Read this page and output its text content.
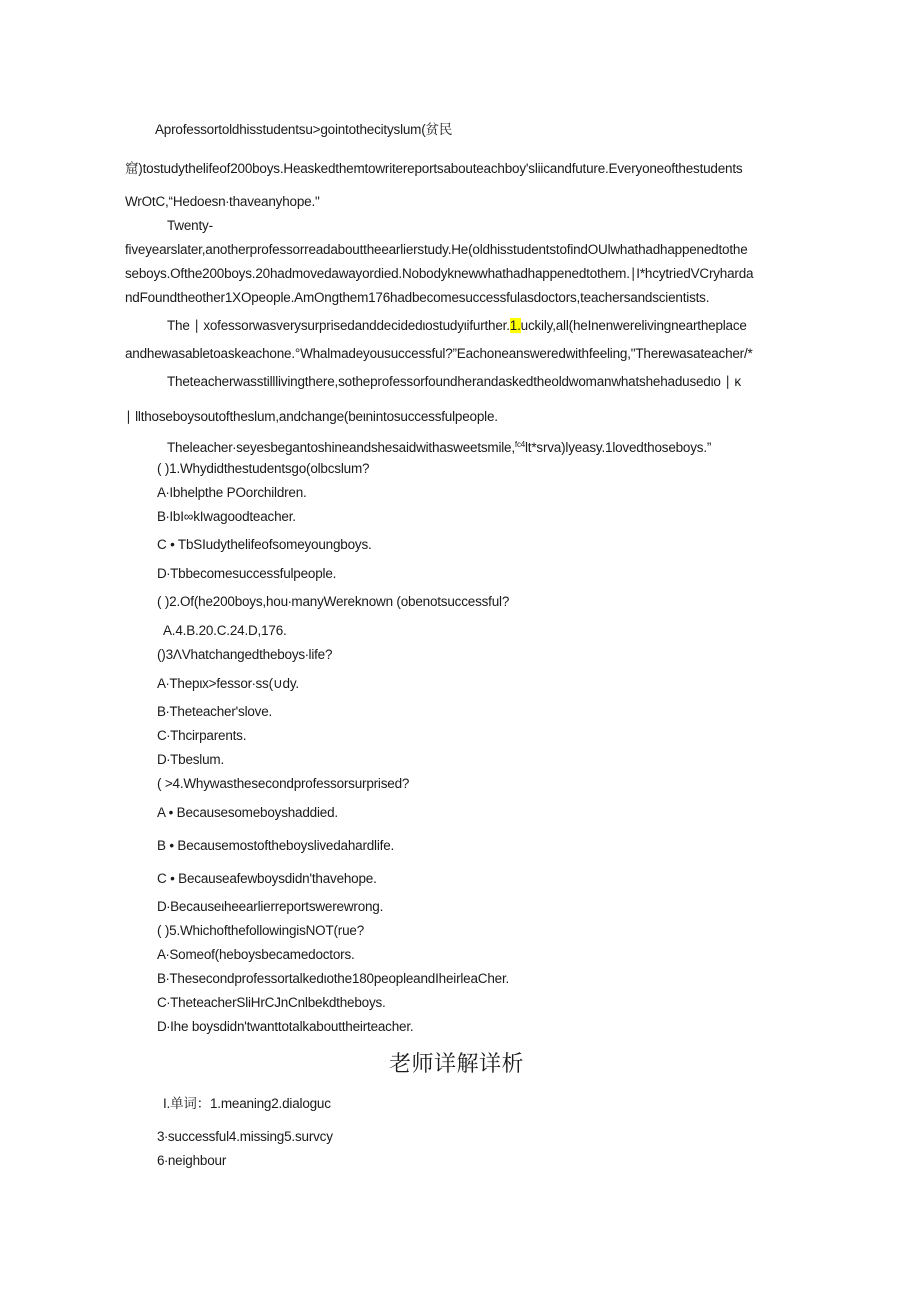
Aprofessortoldhisstudentsu>gointothecityslum(贫民
窟)tostudythelifeof200boys.Heaskedthemtowritereportsaboutеachboy'sliicandfuture.Everyoneofthestudents
WrOtC,“Hedoesn∙thaveanyhope."
Twenty-
fiveyearslater,anotherprofessorreadabouttheearlierstudy.He(oldhisstudentstofindOUlwhathadhappenedtothe
seboys.Ofthe200boys.20hadmovedawayordied.Nobodyknewwhathadhappenedtothem.∣I*hcytriedVCryharda
ndFoundtheother1XOpeople.AmOngthem176hadbecomesuccessfulasdoctors,teachersandscientists.
The ∣ xofessorwasverysurprisedanddecidedιostudyιifurther.1.uckily,all(heInenwerelivingneartheplace
andhewasabletoaskeachone.°Whalmadeyousuccessful?”Eachoneansweredwithfeeling,"Therewasateacher/*
Theteacherwasstilllivingthere,sotheprofessorfoundherandaskedtheoldwomanwhatshehadusedιo ∣ κ
∣ llthoseboysoutoftheslum,andchange(beιnintosuccessfulpeople.
Theleacher∙seyesbegantoshineandshesaidwithasweetsmile,$^{fc4}$lt*srva)lyeasy.1lovedthoseboys.”
( )1.Whydidthestudentsgo(olbcslum?
A∙Ibhelpthe POorchildren.
B∙IbI∞kIwagoodteacher.
C • TbSIudythelifeofsomeyoungboys.
D∙Tbbecomesuccessfulpeople.
( )2.Of(he200boys,hou∙manyWereknown (obenotsuccessful?
A.4.B.20.C.24.D,176.
()3ΛVhatchangedtheboys∙life?
A∙Thepιx>fessor∙ss(∪dy.
B∙Theteacher'slove.
C∙Thcirparents.
D∙Tbeslum.
( >4.Whywasthesecondprofessorsurprised?
A • Becausesomeboyshaddied.
B • Becausemostoftheboyslivedahardlife.
C • Becauseafewboysdidn'thavehope.
D∙Becauseιheearlierreportswerewrong.
( )5.WhichofthefollowingisNOT(rue?
A∙Someof(heboysbecamedoctors.
B∙Thesecondprofessortalkedιothe180peopleandIheirleaCher.
C∙TheteacherSliHrCJnCnlbekdtheboys.
D∙Ihe boysdidn'twanttotalkabouttheirteacher.
老师详解详析
I.单词：1.meaning2.dialoguc
3∙successful4.missing5.survcy
6∙neighbour
